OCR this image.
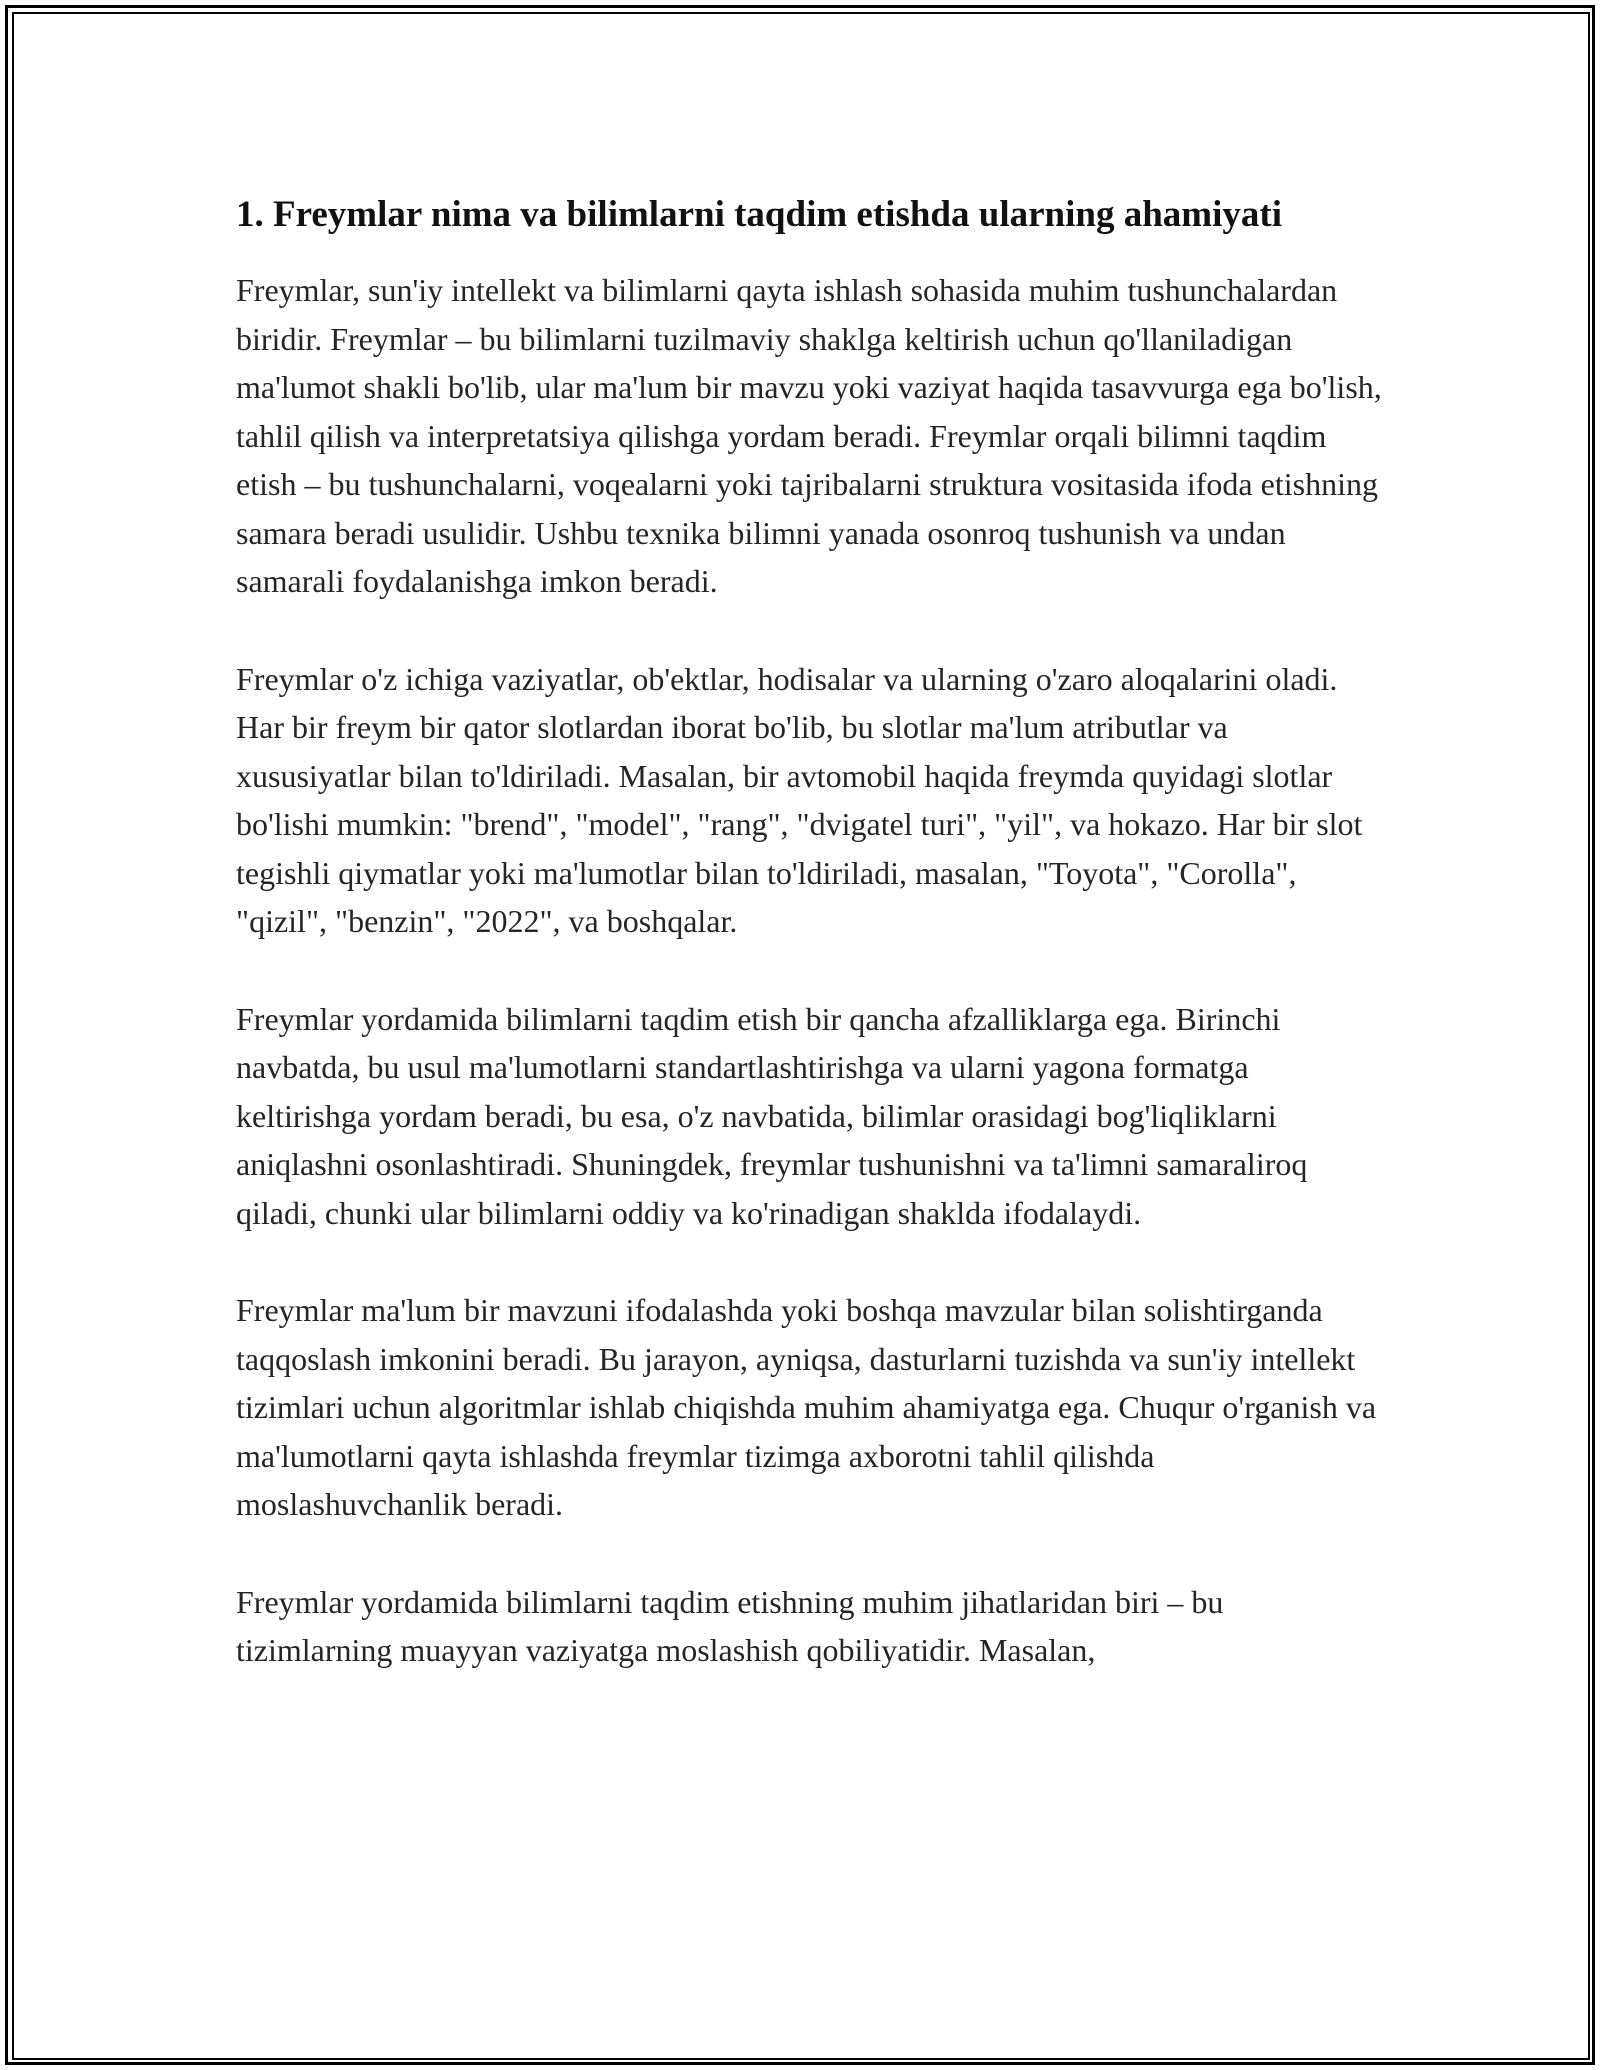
1. Freymlar nima va bilimlarni taqdim etishda ularning ahamiyati

Freymlar, sun'iy intellekt va bilimlarni qayta ishlash sohasida muhim tushunchalardan biridir. Freymlar – bu bilimlarni tuzilmaviy shaklga keltirish uchun qo'llaniladigan ma'lumot shakli bo'lib, ular ma'lum bir mavzu yoki vaziyat haqida tasavvurga ega bo'lish, tahlil qilish va interpretatsiya qilishga yordam beradi. Freymlar orqali bilimni taqdim etish – bu tushunchalarni, voqealarni yoki tajribalarni struktura vositasida ifoda etishning samara beradi usulidir. Ushbu texnika bilimni yanada osonroq tushunish va undan samarali foydalanishga imkon beradi.

Freymlar o'z ichiga vaziyatlar, ob'ektlar, hodisalar va ularning o'zaro aloqalarini oladi. Har bir freym bir qator slotlardan iborat bo'lib, bu slotlar ma'lum atributlar va xususiyatlar bilan to'ldiriladi. Masalan, bir avtomobil haqida freymda quyidagi slotlar bo'lishi mumkin: "brend", "model", "rang", "dvigatel turi", "yil", va hokazo. Har bir slot tegishli qiymatlar yoki ma'lumotlar bilan to'ldiriladi, masalan, "Toyota", "Corolla", "qizil", "benzin", "2022", va boshqalar.

Freymlar yordamida bilimlarni taqdim etish bir qancha afzalliklarga ega. Birinchi navbatda, bu usul ma'lumotlarni standartlashtirishga va ularni yagona formatga keltirishga yordam beradi, bu esa, o'z navbatida, bilimlar orasidagi bog'liqliklarni aniqlashni osonlashtiradi. Shuningdek, freymlar tushunishni va ta'limni samaraliroq qiladi, chunki ular bilimlarni oddiy va ko'rinadigan shaklda ifodalaydi.

Freymlar ma'lum bir mavzuni ifodalashda yoki boshqa mavzular bilan solishtirganda taqqoslash imkonini beradi. Bu jarayon, ayniqsa, dasturlarni tuzishda va sun'iy intellekt tizimlari uchun algoritmlar ishlab chiqishda muhim ahamiyatga ega. Chuqur o'rganish va ma'lumotlarni qayta ishlashda freymlar tizimga axborotni tahlil qilishda moslashuvchanlik beradi.

Freymlar yordamida bilimlarni taqdim etishning muhim jihatlaridan biri – bu tizimlarning muayyan vaziyatga moslashish qobiliyatidir. Masalan,
